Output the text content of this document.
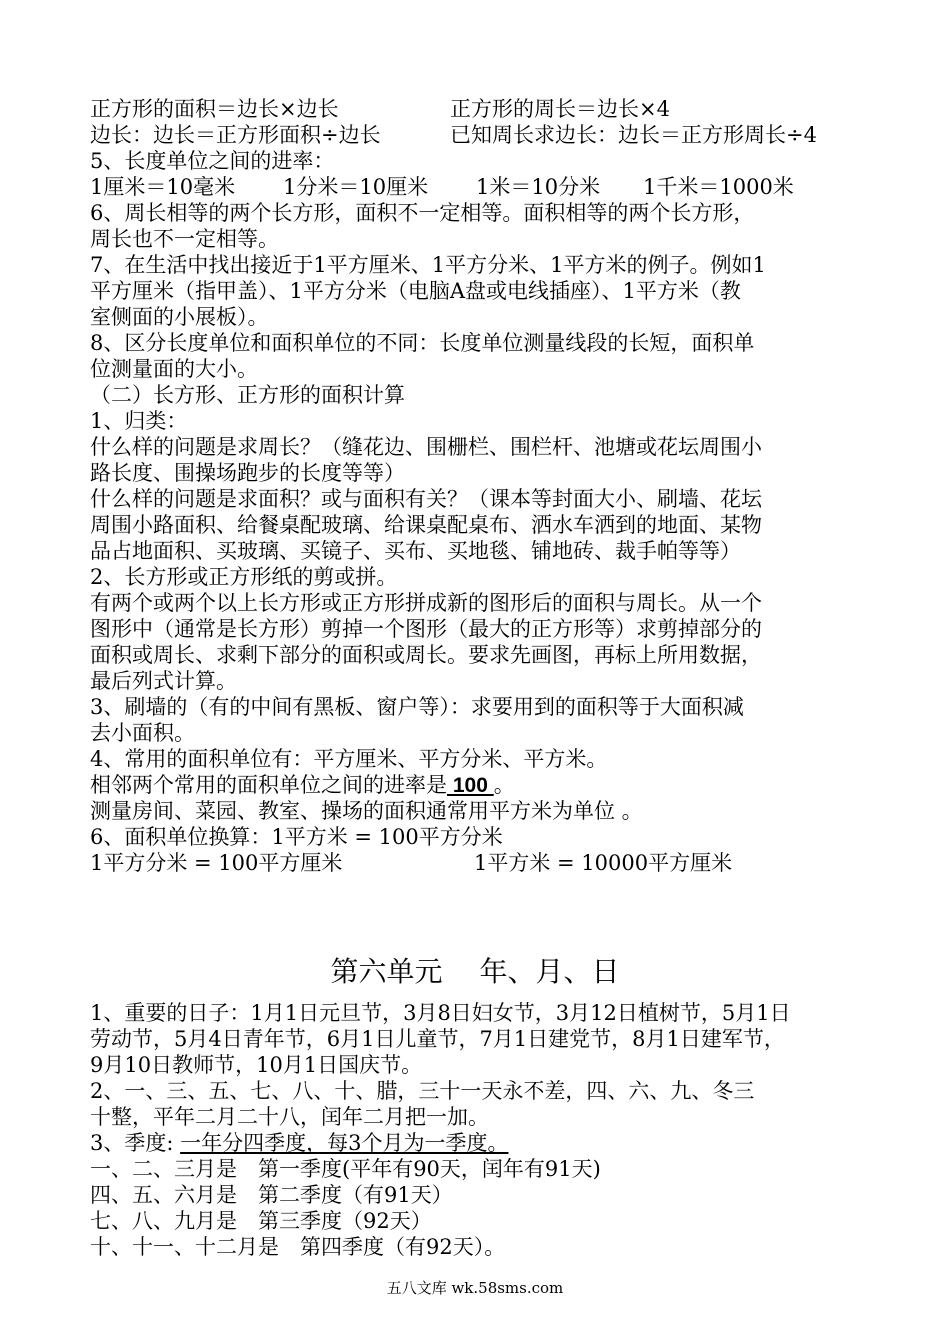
正方形的面积＝边长×边长	正方形的周长＝边长×4
边长：边长＝正方形面积÷边长	已知周长求边长：边长＝正方形周长÷4
5、长度单位之间的进率：
1厘米＝10毫米 1分米＝10厘米 1米＝10分米 1千米＝1000米
6、周长相等的两个长方形，面积不一定相等。面积相等的两个长方形，
周长也不一定相等。
7、在生活中找出接近于1平方厘米、1平方分米、1平方米的例子。例如1
平方厘米（指甲盖）、1平方分米（电脑A盘或电线插座）、1平方米（教
室侧面的小展板）。
8、区分长度单位和面积单位的不同：长度单位测量线段的长短，面积单
位测量面的大小。
（二）长方形、正方形的面积计算
1、归类：
什么样的问题是求周长？（缝花边、围栅栏、围栏杆、池塘或花坛周围小
路长度、围操场跑步的长度等等）
什么样的问题是求面积？或与面积有关？（课本等封面大小、刷墙、花坛
周围小路面积、给餐桌配玻璃、给课桌配桌布、洒水车洒到的地面、某物
品占地面积、买玻璃、买镜子、买布、买地毯、铺地砖、裁手帕等等）
2、长方形或正方形纸的剪或拼。
有两个或两个以上长方形或正方形拼成新的图形后的面积与周长。从一个
图形中（通常是长方形）剪掉一个图形（最大的正方形等）求剪掉部分的
面积或周长、求剩下部分的面积或周长。要求先画图，再标上所用数据，
最后列式计算。
3、刷墙的（有的中间有黑板、窗户等）：求要用到的面积等于大面积减
去小面积。
4、常用的面积单位有：平方厘米、平方分米、平方米。
相邻两个常用的面积单位之间的进率是 100 。
测量房间、菜园、教室、操场的面积通常用平方米为单位 。
6、面积单位换算：1平方米 = 100平方分米
1平方分米 = 100平方厘米	1平方米 = 10000平方厘米
第六单元　 年、月、日
1、重要的日子：1月1日元旦节，3月8日妇女节，3月12日植树节，5月1日
劳动节，5月4日青年节，6月1日儿童节，7月1日建党节，8月1日建军节，
9月10日教师节，10月1日国庆节。
2、一、三、五、七、八、十、腊，三十一天永不差，四、六、九、冬三
十整，平年二月二十八，闰年二月把一加。
3、季度: 一年分四季度，每3个月为一季度。
一、二、三月是　第一季度(平年有90天，闰年有91天)
四、五、六月是　第二季度（有91天）
七、八、九月是　第三季度（92天）
十、十一、十二月是　第四季度（有92天）。
五八文库 wk.58sms.com
